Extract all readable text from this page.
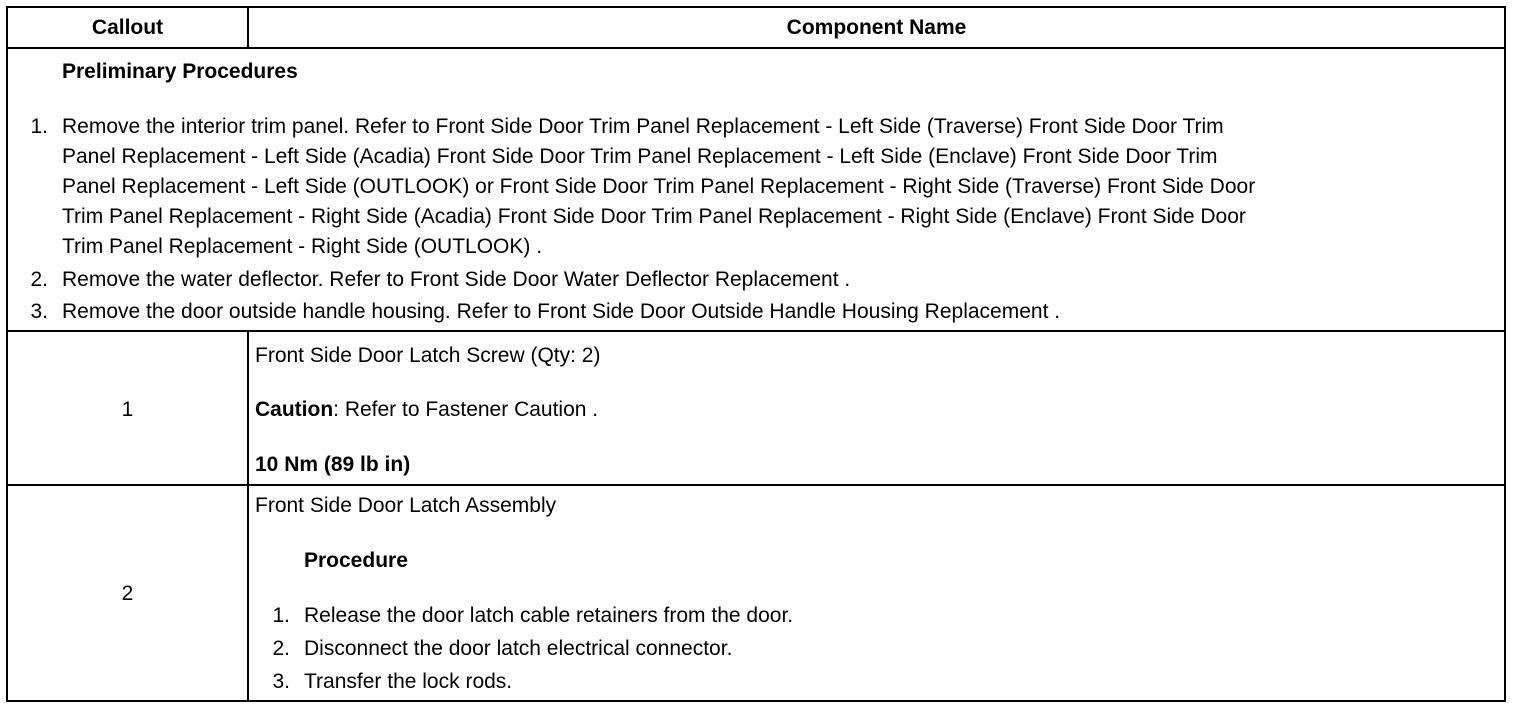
Callout	Component Name
Preliminary Procedures
1. Remove the interior trim panel. Refer to Front Side Door Trim Panel Replacement - Left Side (Traverse) Front Side Door Trim
Panel Replacement - Left Side (Acadia) Front Side Door Trim Panel Replacement - Left Side (Enclave) Front Side Door Trim
Panel Replacement - Left Side (OUTLOOK) or Front Side Door Trim Panel Replacement - Right Side (Traverse) Front Side Door
Trim Panel Replacement - Right Side (Acadia) Front Side Door Trim Panel Replacement - Right Side (Enclave) Front Side Door
Trim Panel Replacement - Right Side (OUTLOOK) .
2. Remove the water deflector. Refer to Front Side Door Water Deflector Replacement .
3. Remove the door outside handle housing. Refer to Front Side Door Outside Handle Housing Replacement .
1
Front Side Door Latch Screw (Qty: 2)
Caution: Refer to Fastener Caution .
10 Nm (89 lb in)
2
Front Side Door Latch Assembly
Procedure
1. Release the door latch cable retainers from the door.
2. Disconnect the door latch electrical connector.
3. Transfer the lock rods.
